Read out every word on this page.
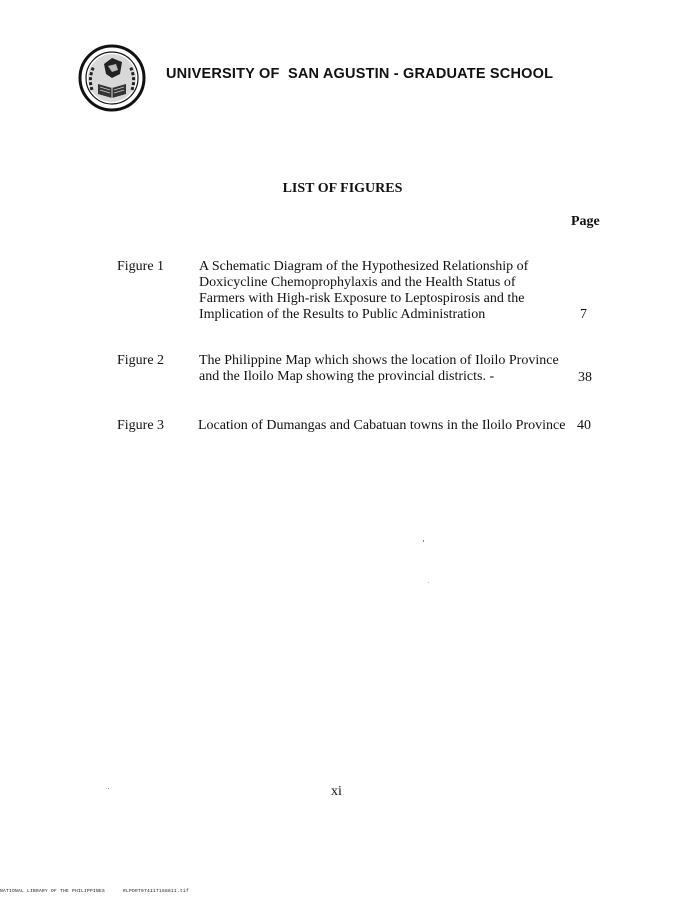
UNIVERSITY OF  SAN AGUSTIN - GRADUATE SCHOOL
LIST OF FIGURES
Page
Figure 1 A Schematic Diagram of the Hypothesized Relationship of
Doxicycline Chemoprophylaxis and the Health Status of
Farmers with High-risk Exposure to Leptospirosis and the
Implication of the Results to Public Administration	7
Figure 2 The Philippine Map which shows the location of Iloilo Province
and the Iloilo Map showing the provincial districts. -	38
Figure 3 Location of Dumangas and Cabatuan towns in the Iloilo Province 40
xi
NATIONAL LIBRARY OF THE PHILIPPINES      RLPDRT07411T168811.tif
